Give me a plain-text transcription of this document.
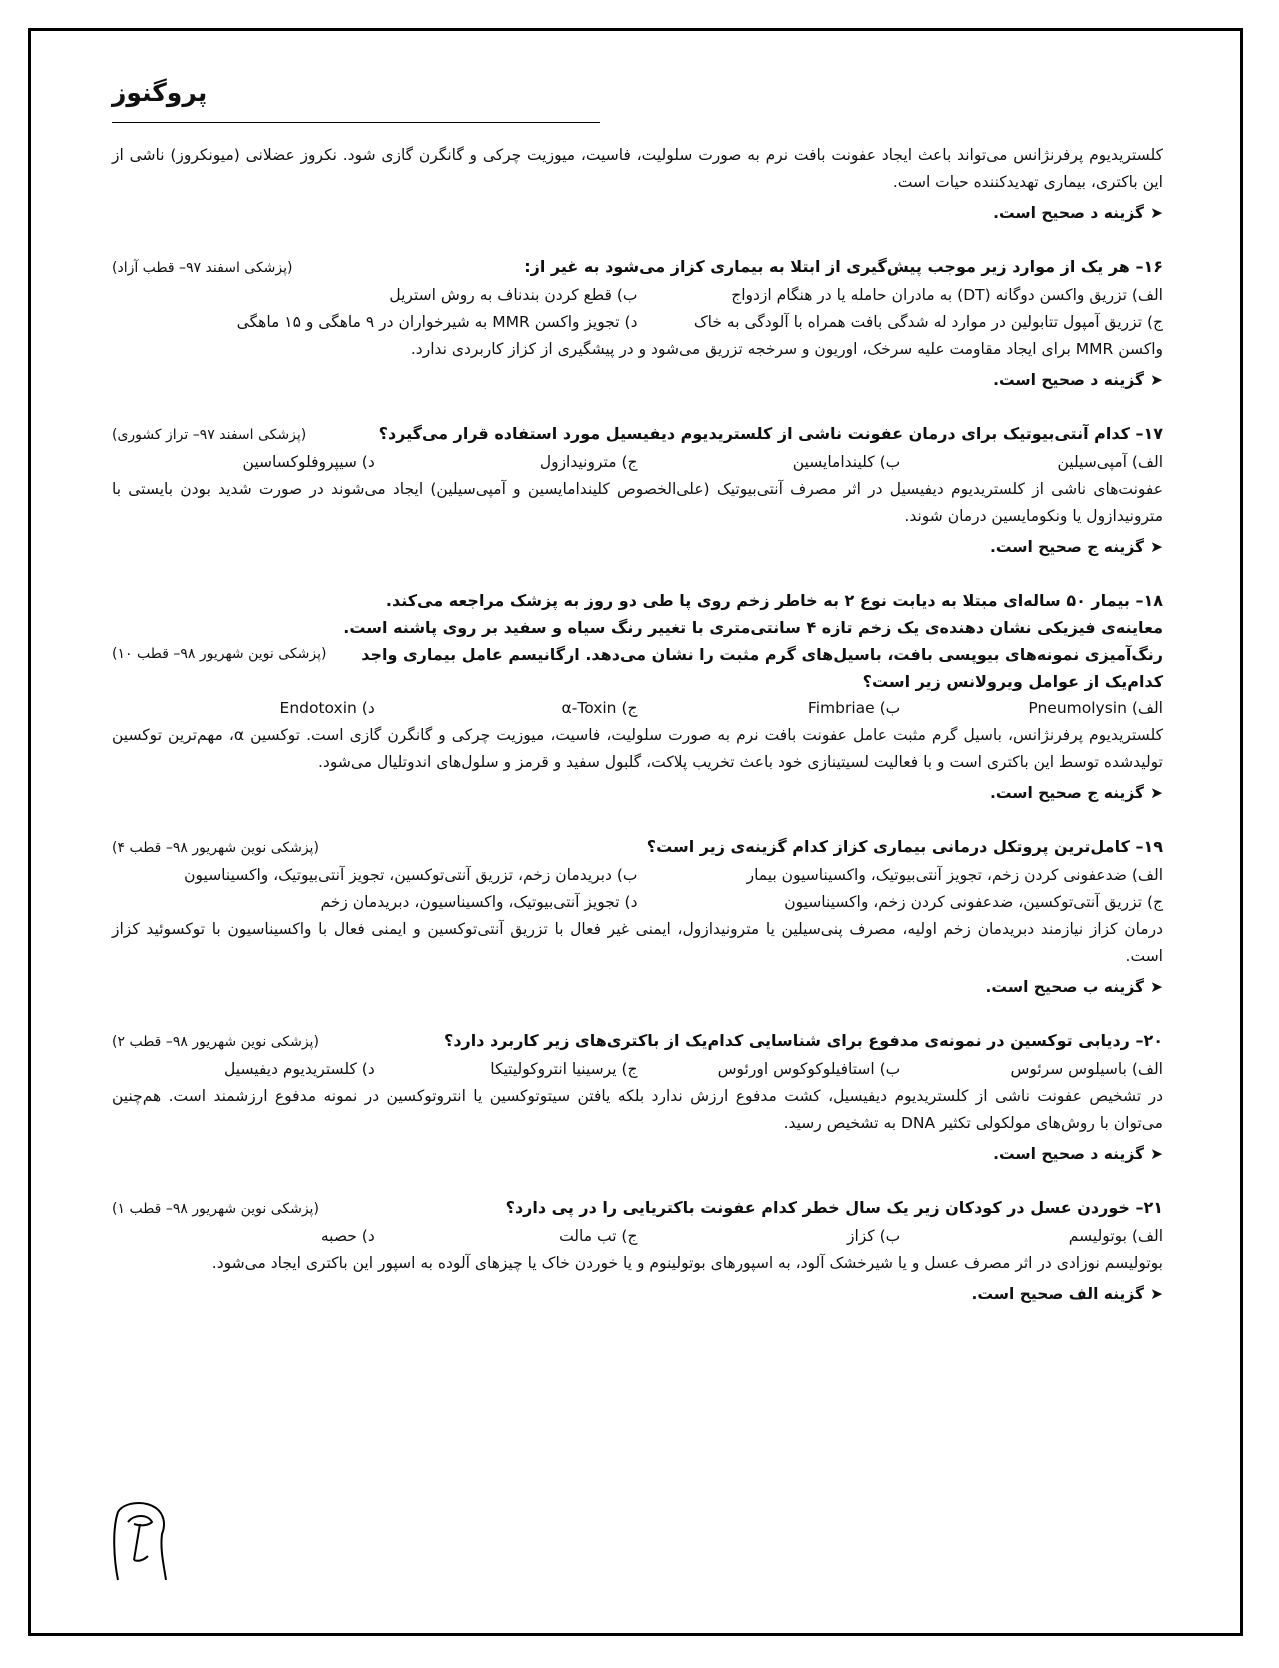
پروگنوز

کلستریدیوم پرفرنژانس می‌تواند باعث ایجاد عفونت بافت نرم به صورت سلولیت، فاسیت، میوزیت چرکی و گانگرن گازی شود. نکروز عضلانی (میونکروز) ناشی از این باکتری، بیماری تهدیدکننده حیات است.

➤گزینه د صحیح است.

۱۶– هر یک از موارد زیر موجب پیش‌گیری از ابتلا به بیماری کزاز می‌شود به غیر از:
(پزشکی اسفند ۹۷– قطب آزاد)
الف) تزریق واکسن دوگانه (DT) به مادران حامله یا در هنگام ازدواج
ب) قطع کردن بندناف به روش استریل
ج) تزریق آمپول تتابولین در موارد له شدگی بافت همراه با آلودگی به خاک
د) تجویز واکسن MMR به شیرخواران در ۹ ماهگی و ۱۵ ماهگی

واکسن MMR برای ایجاد مقاومت علیه سرخک، اوریون و سرخجه تزریق می‌شود و در پیشگیری از کزاز کاربردی ندارد.

➤گزینه د صحیح است.

۱۷– کدام آنتی‌بیوتیک برای درمان عفونت ناشی از کلستریدیوم دیفیسیل مورد استفاده قرار می‌گیرد؟
(پزشکی اسفند ۹۷– تراز کشوری)
الف) آمپی‌سیلین
ب) کلیندامایسین
ج) مترونیدازول
د) سیپروفلوکساسین

عفونت‌های ناشی از کلستریدیوم دیفیسیل در اثر مصرف آنتی‌بیوتیک (علی‌الخصوص کلیندامایسین و آمپی‌سیلین) ایجاد می‌شوند در صورت شدید بودن بایستی با مترونیدازول یا ونکومایسین درمان شوند.

➤گزینه ج صحیح است.

(پزشکی نوین شهریور ۹۸– قطب ۱۰)
۱۸– بیمار ۵۰ ساله‌ای مبتلا به دیابت نوع ۲ به خاطر زخم روی پا طی دو روز به پزشک مراجعه می‌کند. معاینه‌ی فیزیکی نشان دهنده‌ی یک زخم تازه ۴ سانتی‌متری با تغییر رنگ سیاه و سفید بر روی پاشنه است. رنگ‌آمیزی نمونه‌های بیوپسی بافت، باسیل‌های گرم مثبت را نشان می‌دهد. ارگانیسم عامل بیماری واجد کدام‌یک از عوامل ویرولانس زیر است؟
الف) Pneumolysin
ب) Fimbriae
ج) α-Toxin
د) Endotoxin

کلستریدیوم پرفرنژانس، باسیل گرم مثبت عامل عفونت بافت نرم به صورت سلولیت، فاسیت، میوزیت چرکی و گانگرن گازی است. توکسین α، مهم‌ترین توکسین تولیدشده توسط این باکتری است و با فعالیت لسیتینازی خود باعث تخریب پلاکت، گلبول سفید و قرمز و سلول‌های اندوتلیال می‌شود.

➤گزینه ج صحیح است.

۱۹– کامل‌ترین پروتکل درمانی بیماری کزاز کدام گزینه‌ی زیر است؟
(پزشکی نوین شهریور ۹۸– قطب ۴)
الف) ضدعفونی کردن زخم، تجویز آنتی‌بیوتیک، واکسیناسیون بیمار
ب) دبریدمان زخم، تزریق آنتی‌توکسین، تجویز آنتی‌بیوتیک، واکسیناسیون
ج) تزریق آنتی‌توکسین، ضدعفونی کردن زخم، واکسیناسیون
د) تجویز آنتی‌بیوتیک، واکسیناسیون، دبریدمان زخم

درمان کزاز نیازمند دبریدمان زخم اولیه، مصرف پنی‌سیلین یا مترونیدازول، ایمنی غیر فعال با تزریق آنتی‌توکسین و ایمنی فعال با واکسیناسیون با توکسوئید کزاز است.

➤گزینه ب صحیح است.

۲۰– ردیابی توکسین در نمونه‌ی مدفوع برای شناسایی کدام‌یک از باکتری‌های زیر کاربرد دارد؟
(پزشکی نوین شهریور ۹۸– قطب ۲)
الف) باسیلوس سرئوس
ب) استافیلوکوکوس اورئوس
ج) یرسینیا انتروکولیتیکا
د) کلستریدیوم دیفیسیل

در تشخیص عفونت ناشی از کلستریدیوم دیفیسیل، کشت مدفوع ارزش ندارد بلکه یافتن سیتوتوکسین یا انتروتوکسین در نمونه مدفوع ارزشمند است. هم‌چنین می‌توان با روش‌های مولکولی تکثیر DNA به تشخیص رسید.

➤گزینه د صحیح است.

۲۱– خوردن عسل در کودکان زیر یک سال خطر کدام عفونت باکتریایی را در پی دارد؟
(پزشکی نوین شهریور ۹۸– قطب ۱)
الف) بوتولیسم
ب) کزاز
ج) تب مالت
د) حصبه

بوتولیسم نوزادی در اثر مصرف عسل و یا شیرخشک آلود، به اسپورهای بوتولینوم و یا خوردن خاک یا چیزهای آلوده به اسپور این باکتری ایجاد می‌شود.

➤گزینه الف صحیح است.
